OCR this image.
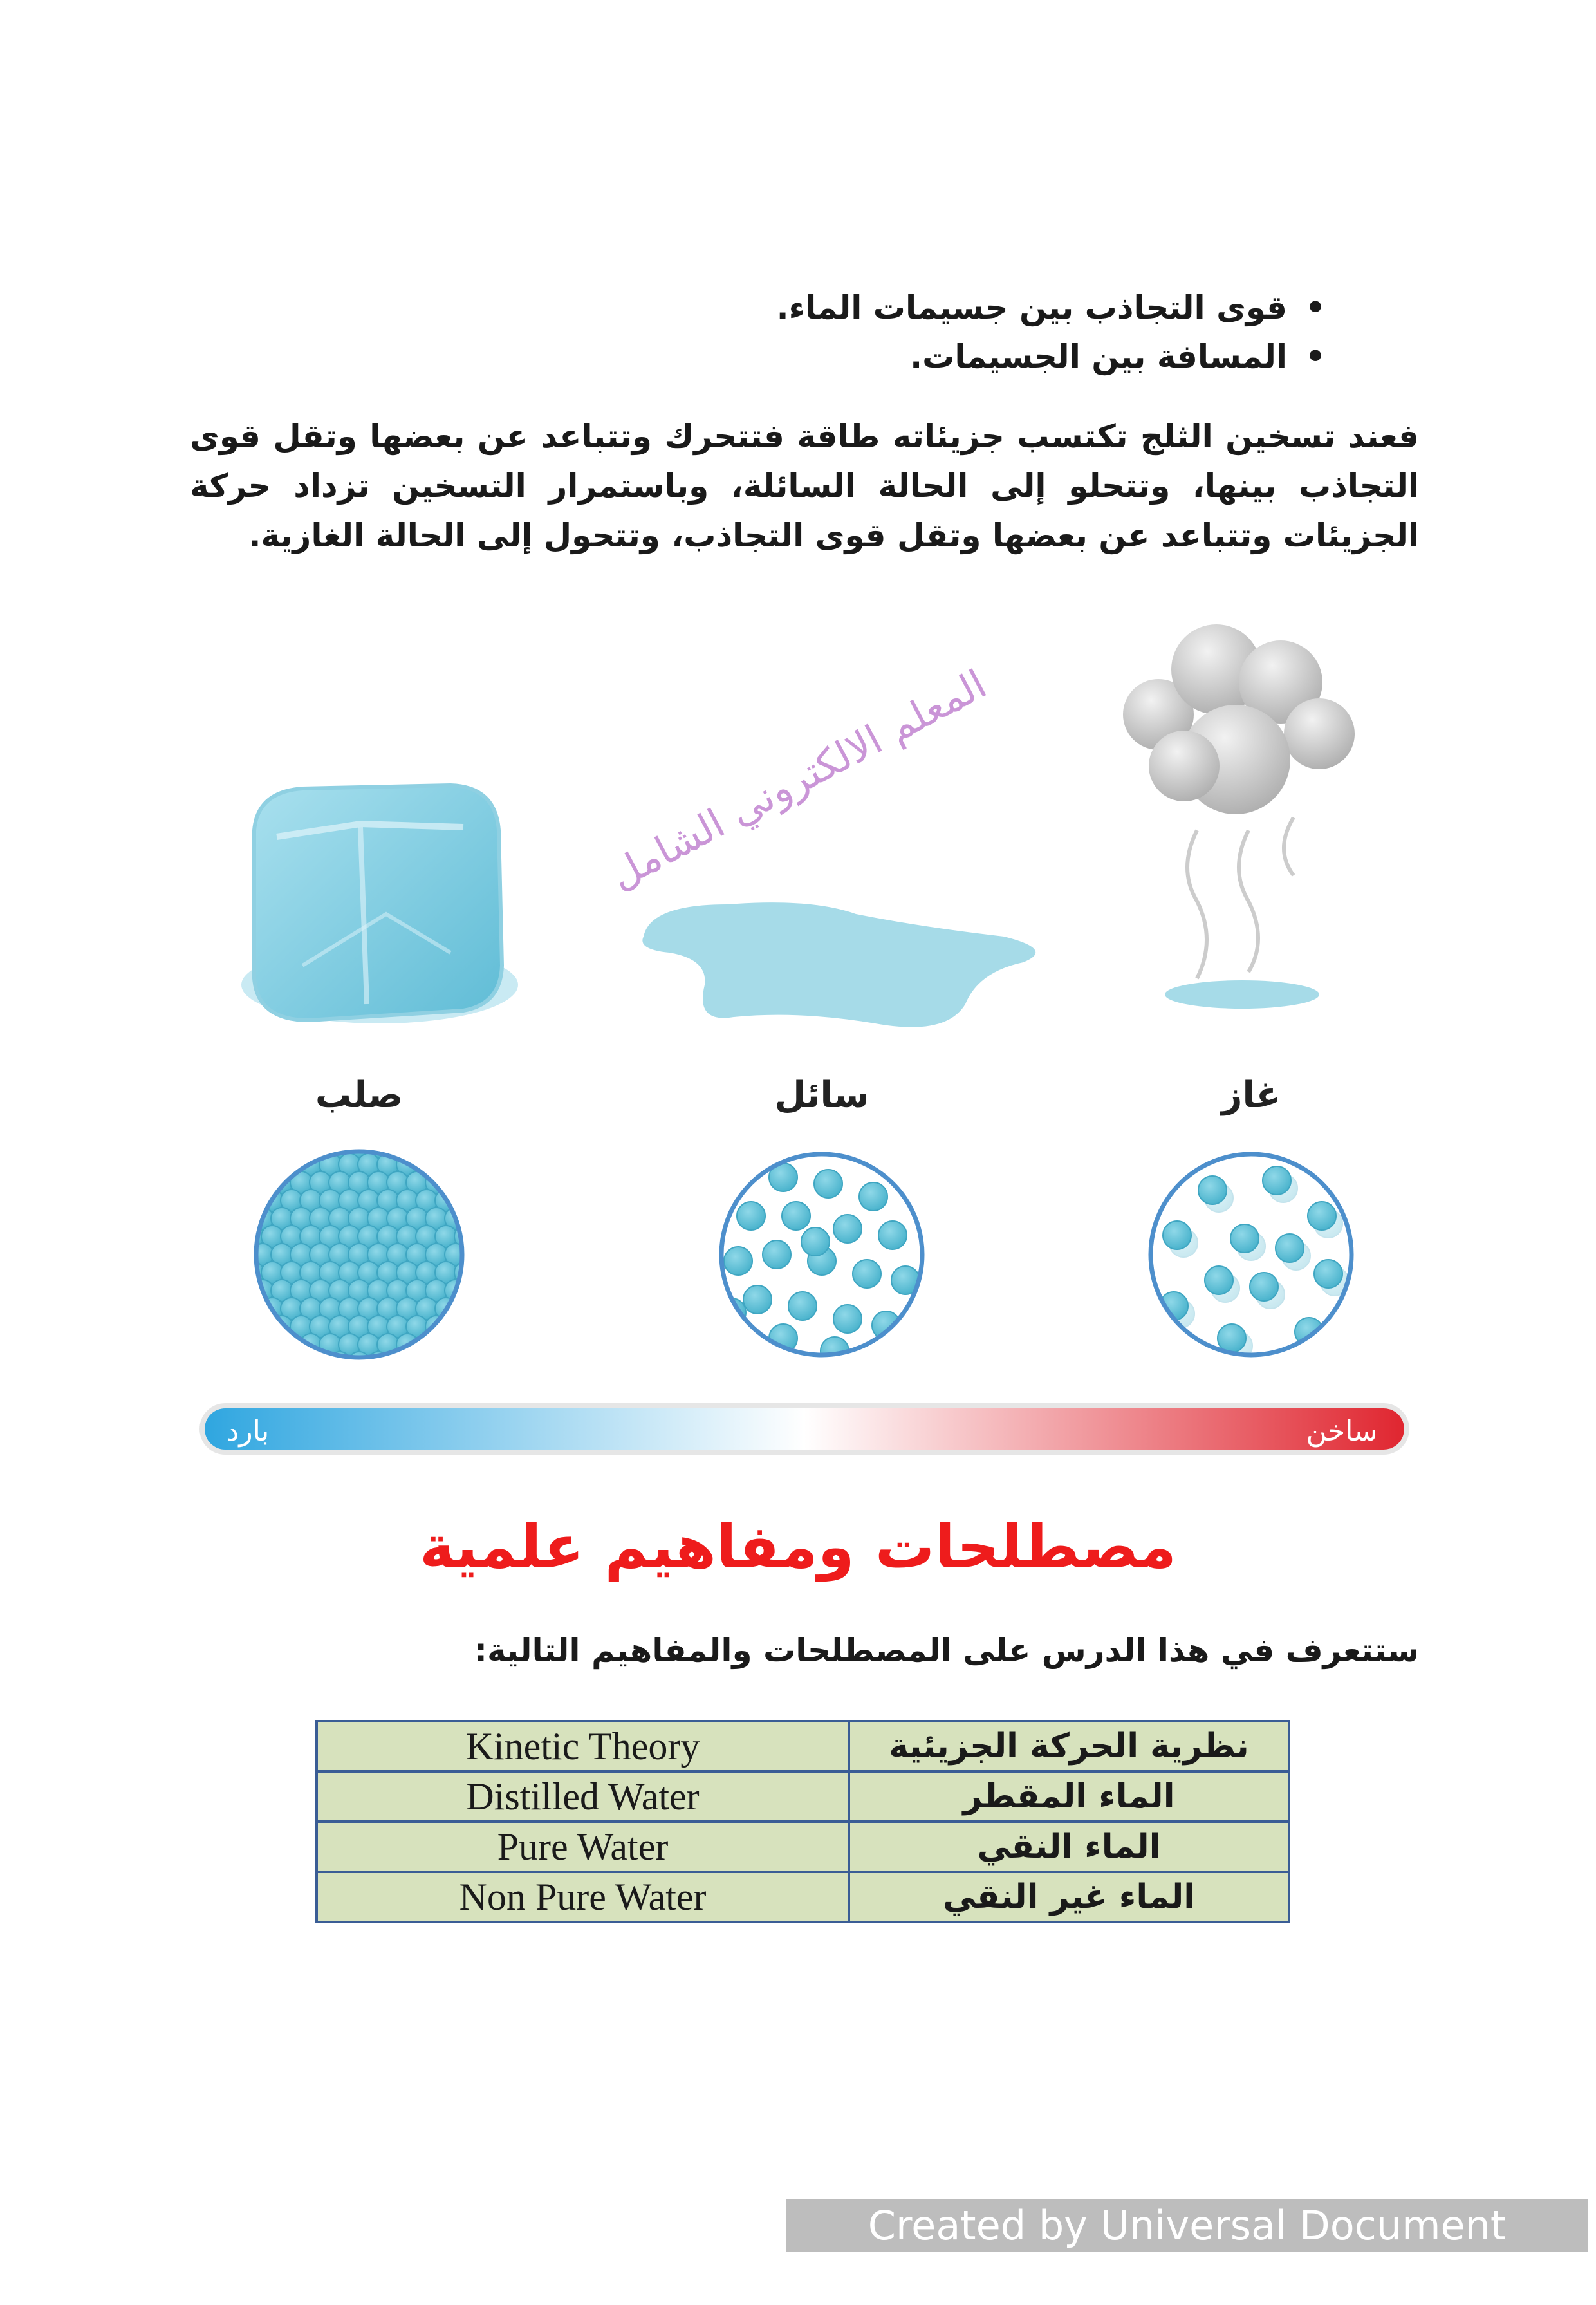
• قوى التجاذب بين جسيمات الماء.
• المسافة بين الجسيمات.
فعند تسخين الثلج تكتسب جزيئاته طاقة فتتحرك وتتباعد عن بعضها وتقل قوى التجاذب بينها، وتتحلو إلى الحالة السائلة، وباستمرار التسخين تزداد حركة الجزيئات وتتباعد عن بعضها وتقل قوى التجاذب، وتتحول إلى الحالة الغازية.
صلب	سائل	غاز
بارد	ساخن
المعلم الالكتروني الشامل
مصطلحات ومفاهيم علمية
ستتعرف في هذا الدرس على المصطلحات والمفاهيم التالية:
Kinetic Theory	نظرية الحركة الجزيئية
Distilled Water	الماء المقطر
Pure Water	الماء النقي
Non Pure Water	الماء غير النقي
Created by Universal Document Converter
